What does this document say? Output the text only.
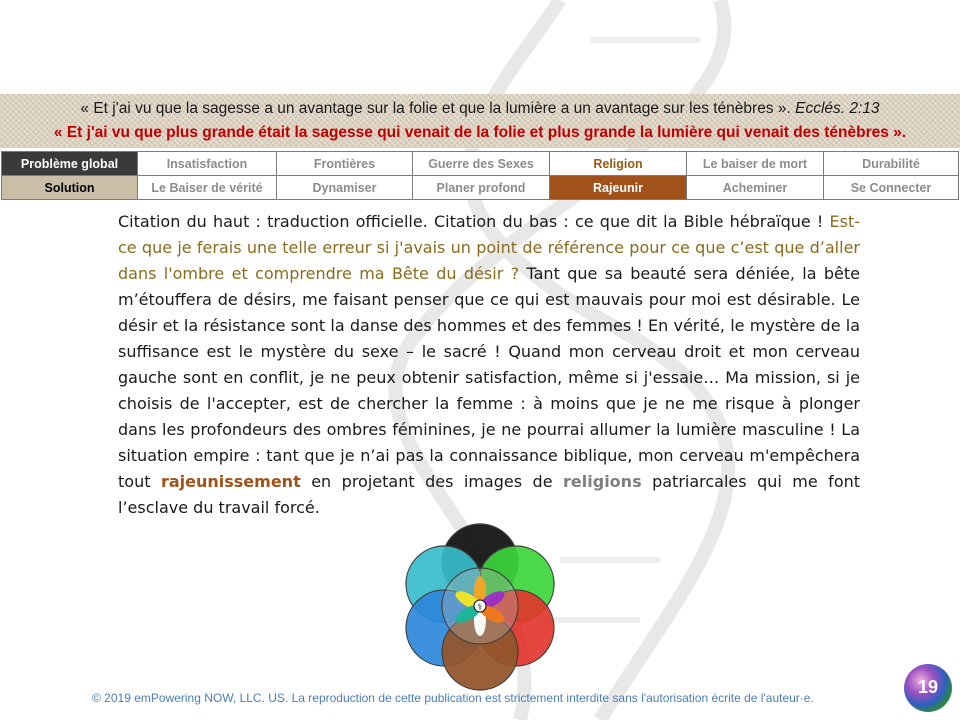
« Et j'ai vu que la sagesse a un avantage sur la folie et que la lumière a un avantage sur les ténèbres ». Ecclés. 2:13
« Et j'ai vu que plus grande était la sagesse qui venait de la folie et plus grande la lumière qui venait des ténèbres ».
Problème global	Insatisfaction	Frontières	Guerre des Sexes	Religion	Le baiser de mort	Durabilité
Solution	Le Baiser de vérité	Dynamiser	Planer profond	Rajeunir	Acheminer	Se Connecter
Citation du haut : traduction officielle. Citation du bas : ce que dit la Bible hébraïque ! Est-ce que je ferais une telle erreur si j'avais un point de référence pour ce que c’est que d’aller dans l'ombre et comprendre ma Bête du désir ? Tant que sa beauté sera déniée, la bête m’étouffera de désirs, me faisant penser que ce qui est mauvais pour moi est désirable. Le désir et la résistance sont la danse des hommes et des femmes ! En vérité, le mystère de la suffisance est le mystère du sexe – le sacré ! Quand mon cerveau droit et mon cerveau gauche sont en conflit, je ne peux obtenir satisfaction, même si j'essaie… Ma mission, si je choisis de l'accepter, est de chercher la femme : à moins que je ne me risque à plonger dans les profondeurs des ombres féminines, je ne pourrai allumer la lumière masculine ! La situation empire : tant que je n’ai pas la connaissance biblique, mon cerveau m'empêchera tout rajeunissement en projetant des images de religions patriarcales qui me font l’esclave du travail forcé.
⚕
© 2019 emPowering NOW, LLC. US. La reproduction de cette publication est strictement interdite sans l'autorisation écrite de l'auteur·e.
19
